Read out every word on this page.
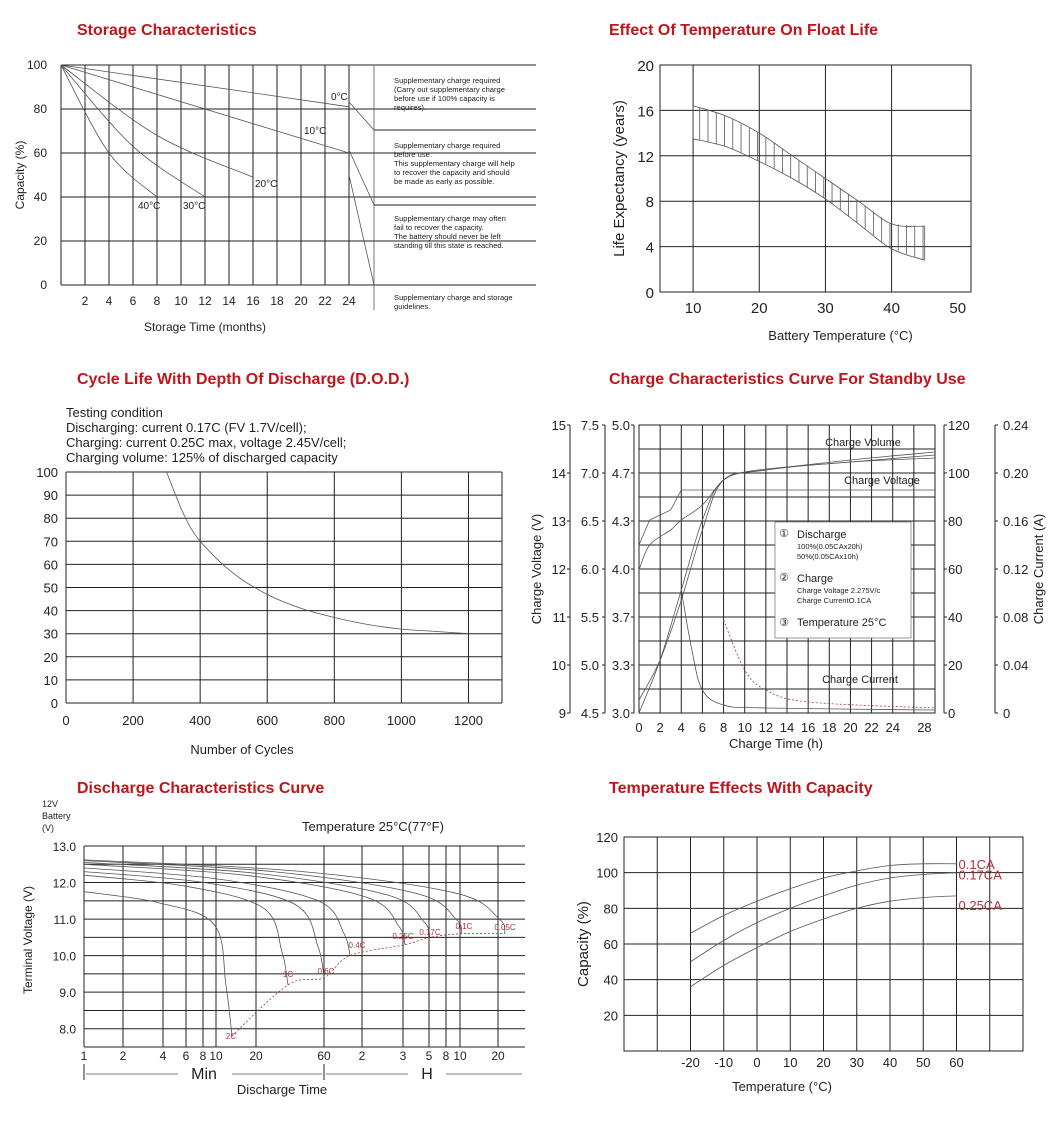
Storage Characteristics	Effect Of Temperature On Float Life
Cycle Life With Depth Of Discharge (D.O.D.)	Charge Characteristics Curve For Standby Use
Discharge Characteristics Curve	Temperature Effects With Capacity
0
20
40
60
80
100
2 4 6 8 10 12 14 16 18 20 22 24
Storage Time (months)
Capacity (%)
0°C
10°C
20°C
30°C
40°C
Supplementary charge required (Carry out supplementary charge before use if 100% capacity is requires).
Supplementary charge required before use. This supplementary charge will help to recover the capacity and should be made as early as possible.
Supplementary charge may often fail to recover the capacity. The battery should never be left standing till this state is reached.
Supplementary charge and storage guidelines.
0
4
8
12
16
20
10	20	30	40	50
Battery Temperature (°C)
Life Expectancy (years)
Testing condition
Discharging: current 0.17C (FV 1.7V/cell);
Charging: current 0.25C max, voltage 2.45V/cell;
Charging volume: 125% of discharged capacity
0
10
20
30
40
50
60
70
80
90
100
0	200	400	600	800	1000	1200
Number of Cycles
9
10
11
12
13
14
15
4.5
5.0
5.5
6.0
6.5
7.0
7.5
3.0
3.3
3.7
4.0
4.3
4.7
5.0
0
20
40
60
80
100
120
0
0.04
0.08
0.12
0.16
0.20
0.24
0 2 4 6 8 10 12 14 16 18 20 22 24 28
Charge Time (h)
Charge Voltage (V)	Charge Current (A)
Charge Volume
Charge Voltage
Charge Current
① Discharge
100%(0.05CAx20h)
50%(0.05CAx10h)
② Charge
Charge Voltage 2.275V/c
Charge CurrentO.1CA
③ Temperature 25°C
12V
Battery
(V)	Temperature 25°C(77°F)
8.0
9.0
10.0
11.0
12.0
13.0
1	2	4 6 8 10 20	60 2	3 5 8 10 20
Terminal Voltage (V)
Discharge Time
Min	H
2C
1C	0.6C
0.4C
0.25C 0.17C
0.1C	0.05C
20
40
60
80
100
120
-20 -10 0 10 20 30 40 50 60
Temperature (°C)
Capacity (%)
0.1CA
0.17CA
0.25CA
